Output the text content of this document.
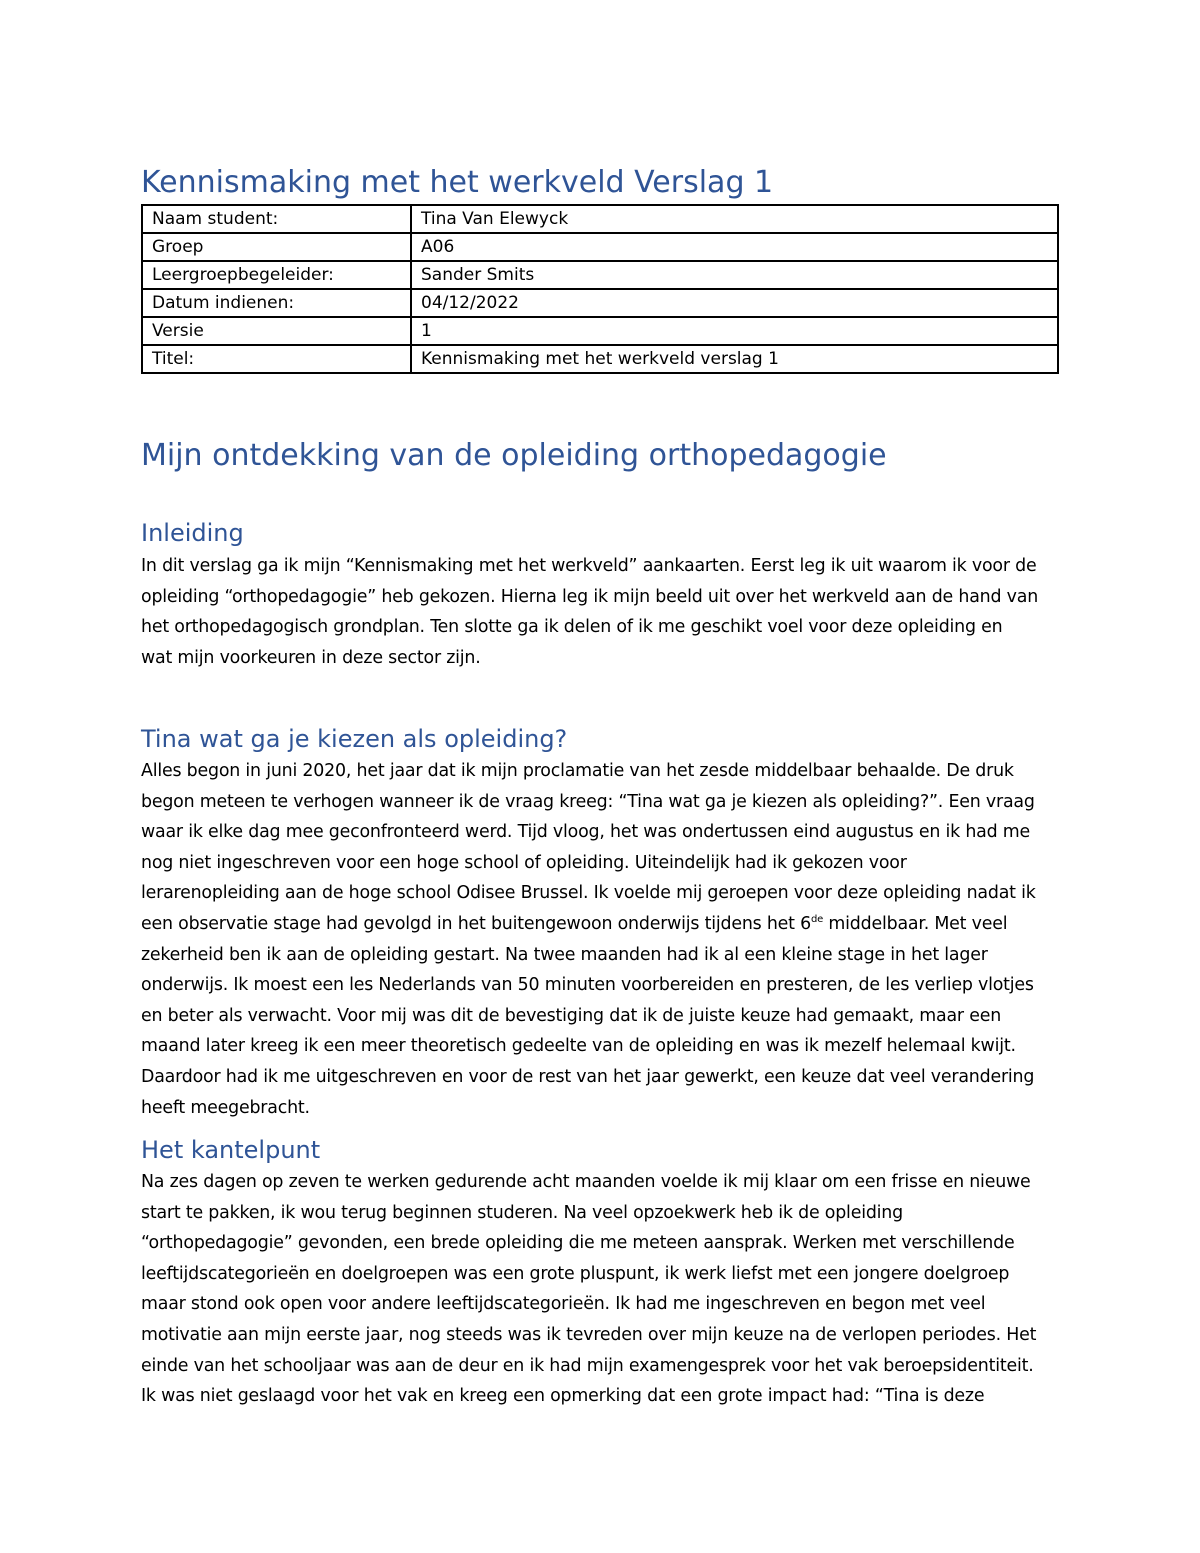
Kennismaking met het werkveld Verslag 1
Naam student:	Tina Van Elewyck
Groep	A06
Leergroepbegeleider:	Sander Smits
Datum indienen:	04/12/2022
Versie	1
Titel:	Kennismaking met het werkveld verslag 1
Mijn ontdekking van de opleiding orthopedagogie
Inleiding

In dit verslag ga ik mijn “Kennismaking met het werkveld” aankaarten. Eerst leg ik uit waarom ik voor de
opleiding “orthopedagogie” heb gekozen. Hierna leg ik mijn beeld uit over het werkveld aan de hand van
het orthopedagogisch grondplan. Ten slotte ga ik delen of ik me geschikt voel voor deze opleiding en
wat mijn voorkeuren in deze sector zijn.

Tina wat ga je kiezen als opleiding?

Alles begon in juni 2020, het jaar dat ik mijn proclamatie van het zesde middelbaar behaalde. De druk
begon meteen te verhogen wanneer ik de vraag kreeg: “Tina wat ga je kiezen als opleiding?”. Een vraag
waar ik elke dag mee geconfronteerd werd. Tijd vloog, het was ondertussen eind augustus en ik had me
nog niet ingeschreven voor een hoge school of opleiding. Uiteindelijk had ik gekozen voor
lerarenopleiding aan de hoge school Odisee Brussel. Ik voelde mij geroepen voor deze opleiding nadat ik
een observatie stage had gevolgd in het buitengewoon onderwijs tijdens het 6de middelbaar. Met veel
zekerheid ben ik aan de opleiding gestart. Na twee maanden had ik al een kleine stage in het lager
onderwijs. Ik moest een les Nederlands van 50 minuten voorbereiden en presteren, de les verliep vlotjes
en beter als verwacht. Voor mij was dit de bevestiging dat ik de juiste keuze had gemaakt, maar een
maand later kreeg ik een meer theoretisch gedeelte van de opleiding en was ik mezelf helemaal kwijt.
Daardoor had ik me uitgeschreven en voor de rest van het jaar gewerkt, een keuze dat veel verandering
heeft meegebracht.

Het kantelpunt

Na zes dagen op zeven te werken gedurende acht maanden voelde ik mij klaar om een frisse en nieuwe
start te pakken, ik wou terug beginnen studeren. Na veel opzoekwerk heb ik de opleiding
“orthopedagogie” gevonden, een brede opleiding die me meteen aansprak. Werken met verschillende
leeftijdscategorieën en doelgroepen was een grote pluspunt, ik werk liefst met een jongere doelgroep
maar stond ook open voor andere leeftijdscategorieën. Ik had me ingeschreven en begon met veel
motivatie aan mijn eerste jaar, nog steeds was ik tevreden over mijn keuze na de verlopen periodes. Het
einde van het schooljaar was aan de deur en ik had mijn examengesprek voor het vak beroepsidentiteit.
Ik was niet geslaagd voor het vak en kreeg een opmerking dat een grote impact had: “Tina is deze
